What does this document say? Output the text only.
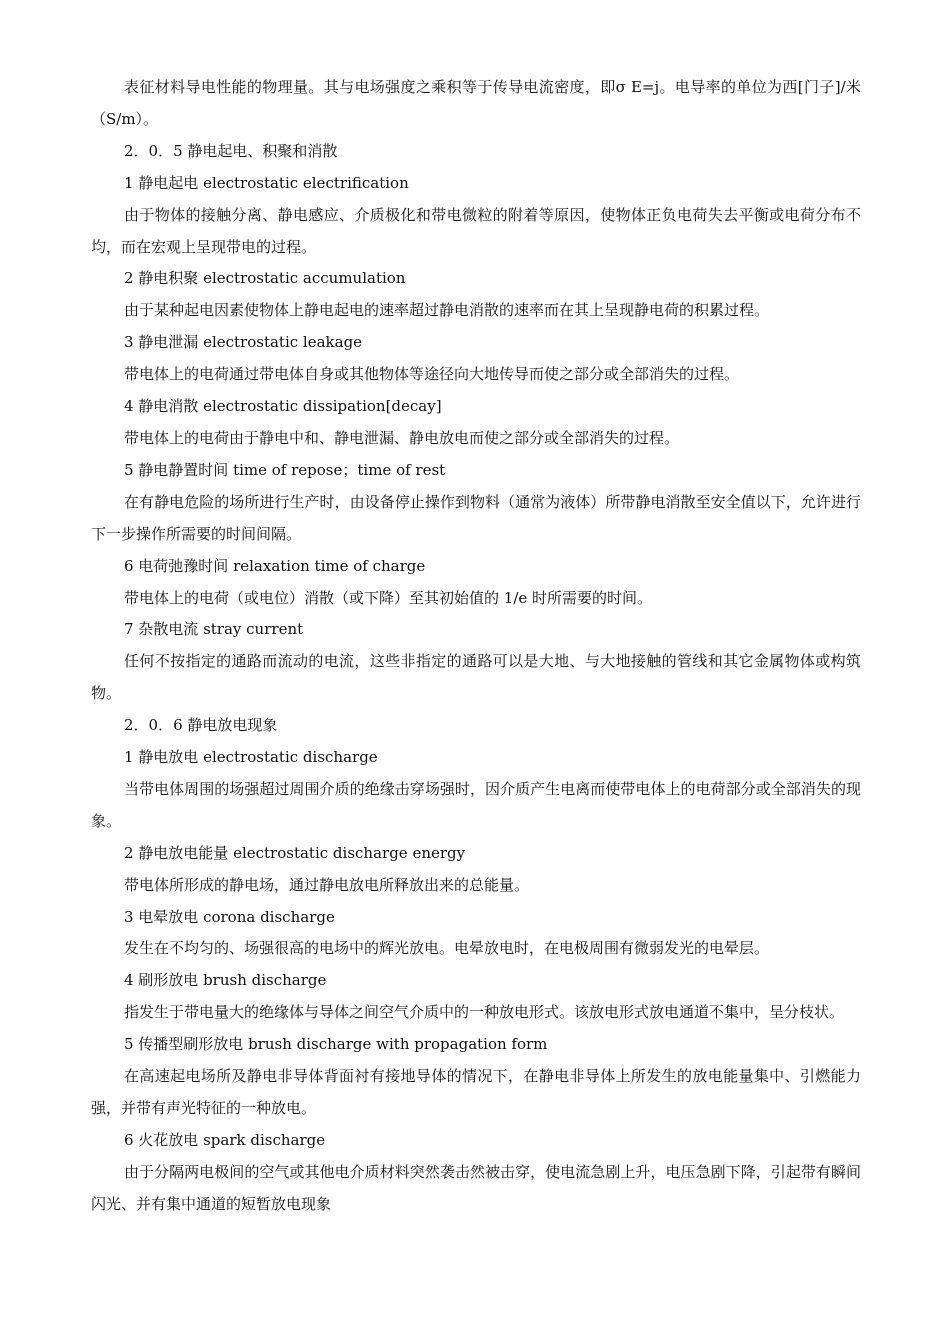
表征材料导电性能的物理量。其与电场强度之乘积等于传导电流密度，即σ E=j。电导率的单位为西[门子]/米（S/m）。

2．0．5 静电起电、积聚和消散

1 静电起电 electrostatic electrification

由于物体的接触分离、静电感应、介质极化和带电微粒的附着等原因，使物体正负电荷失去平衡或电荷分布不均，而在宏观上呈现带电的过程。

2 静电积聚 electrostatic accumulation

由于某种起电因素使物体上静电起电的速率超过静电消散的速率而在其上呈现静电荷的积累过程。

3 静电泄漏 electrostatic leakage

带电体上的电荷通过带电体自身或其他物体等途径向大地传导而使之部分或全部消失的过程。

4 静电消散 electrostatic dissipation[decay]

带电体上的电荷由于静电中和、静电泄漏、静电放电而使之部分或全部消失的过程。

5 静电静置时间 time of repose；time of rest

在有静电危险的场所进行生产时，由设备停止操作到物料（通常为液体）所带静电消散至安全值以下，允许进行下一步操作所需要的时间间隔。

6 电荷弛豫时间 relaxation time of charge

带电体上的电荷（或电位）消散（或下降）至其初始值的 1/e 时所需要的时间。

7 杂散电流 stray current

任何不按指定的通路而流动的电流，这些非指定的通路可以是大地、与大地接触的管线和其它金属物体或构筑物。

2．0．6 静电放电现象

1 静电放电 electrostatic discharge

当带电体周围的场强超过周围介质的绝缘击穿场强时，因介质产生电离而使带电体上的电荷部分或全部消失的现象。

2 静电放电能量 electrostatic discharge energy

带电体所形成的静电场，通过静电放电所释放出来的总能量。

3 电晕放电 corona discharge

发生在不均匀的、场强很高的电场中的辉光放电。电晕放电时，在电极周围有微弱发光的电晕层。

4 刷形放电 brush discharge

指发生于带电量大的绝缘体与导体之间空气介质中的一种放电形式。该放电形式放电通道不集中，呈分枝状。

5 传播型刷形放电 brush discharge with propagation form

在高速起电场所及静电非导体背面衬有接地导体的情况下，在静电非导体上所发生的放电能量集中、引燃能力强，并带有声光特征的一种放电。

6 火花放电 spark discharge

由于分隔两电极间的空气或其他电介质材料突然袭击然被击穿，使电流急剧上升，电压急剧下降，引起带有瞬间闪光、并有集中通道的短暂放电现象
